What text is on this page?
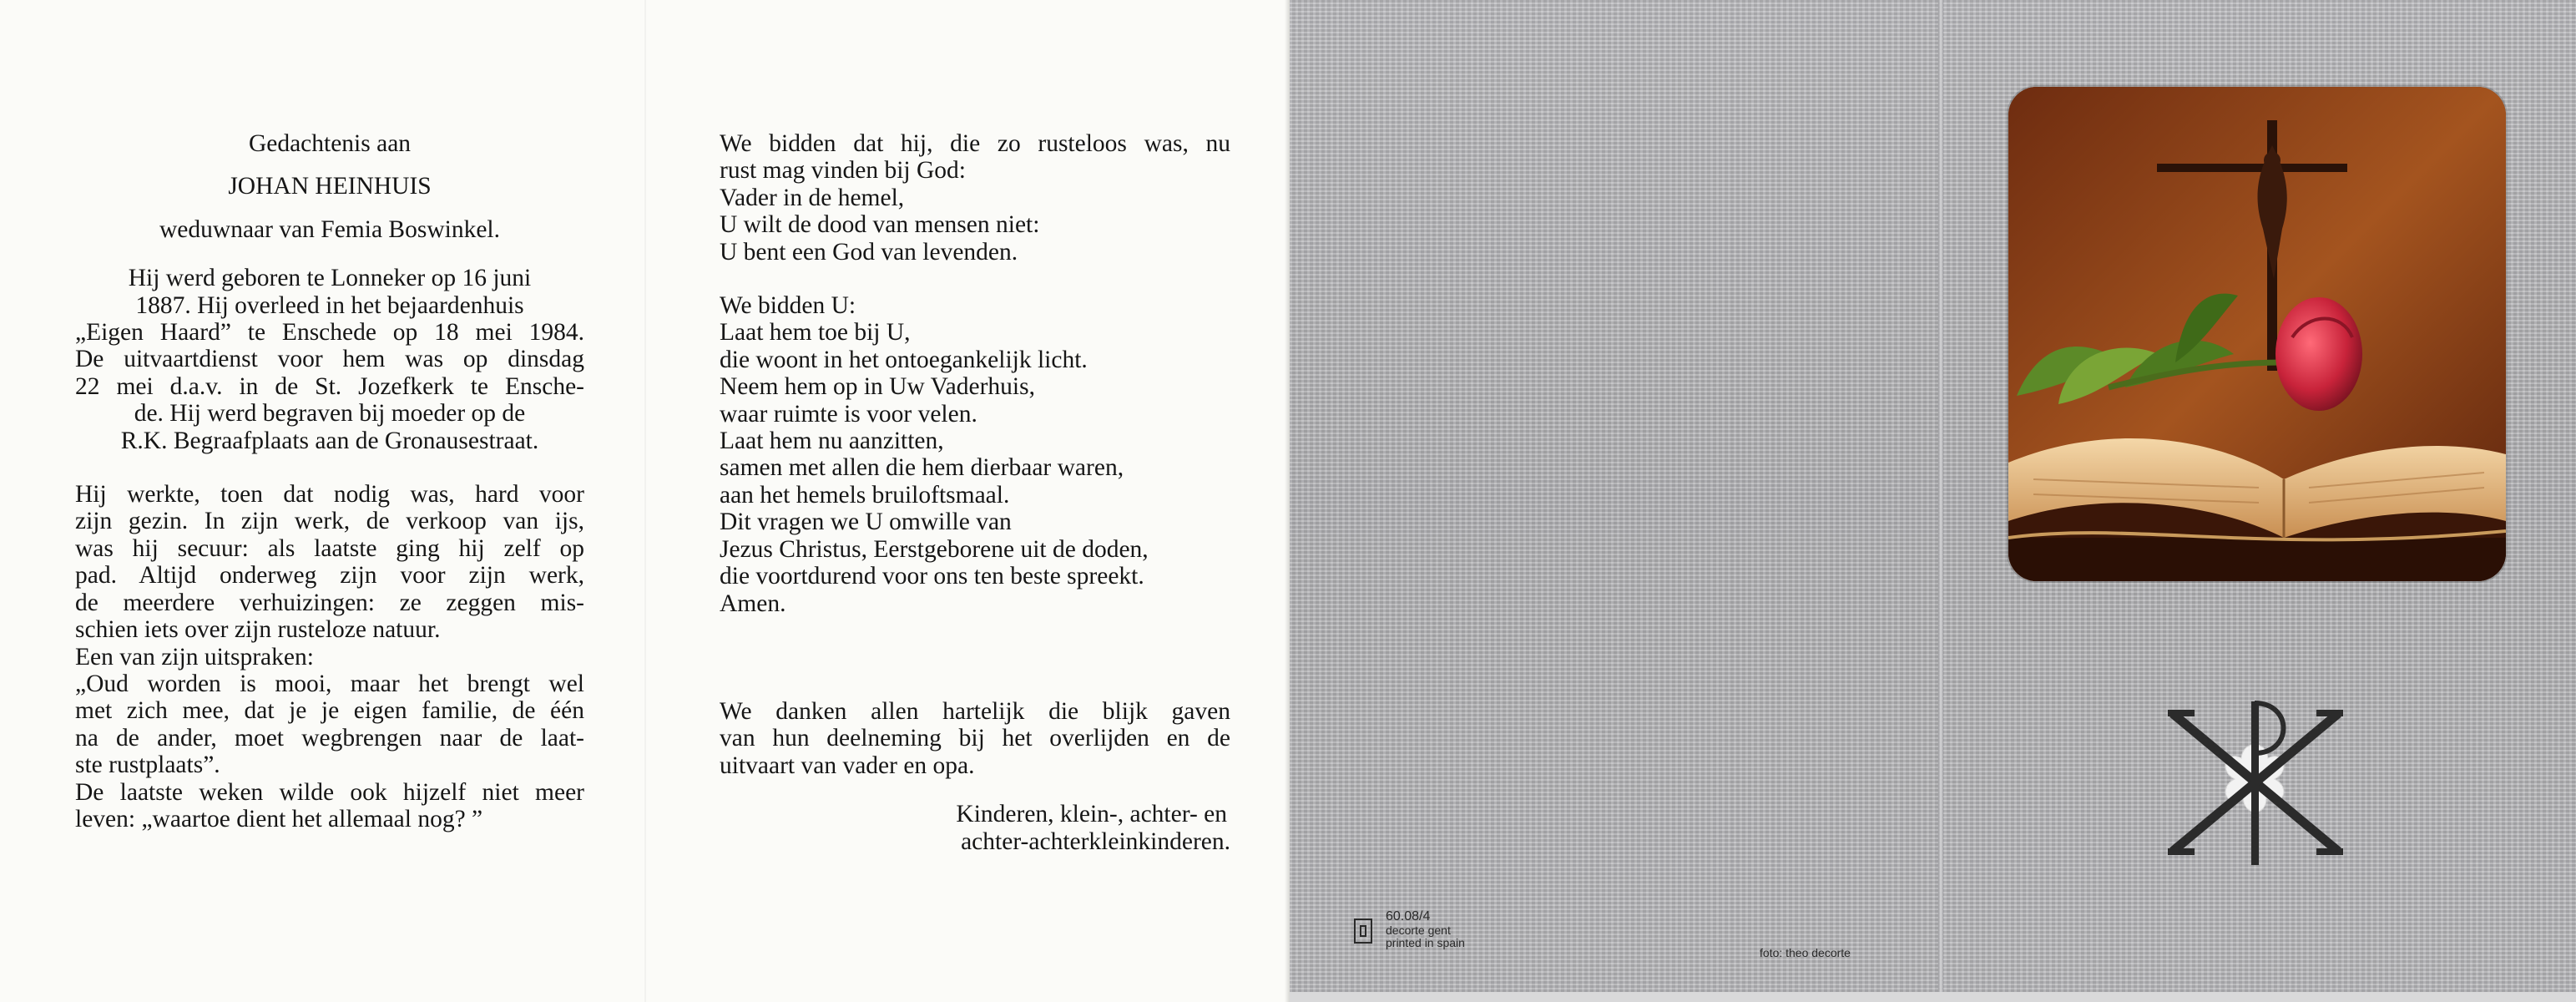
Gedachtenis aan

JOHAN HEINHUIS

weduwnaar van Femia Boswinkel.

Hij werd geboren te Lonneker op 16 juni

1887. Hij overleed in het bejaardenhuis

„Eigen Haard” te Enschede op 18 mei 1984.

De uitvaartdienst voor hem was op dinsdag

22 mei d.a.v. in de St. Jozefkerk te Ensche-

de. Hij werd begraven bij moeder op de

R.K. Begraafplaats aan de Gronausestraat.

Hij werkte, toen dat nodig was, hard voor

zijn gezin. In zijn werk, de verkoop van ijs,

was hij secuur: als laatste ging hij zelf op

pad. Altijd onderweg zijn voor zijn werk,

de meerdere verhuizingen: ze zeggen mis-

schien iets over zijn rusteloze natuur.

Een van zijn uitspraken:

„Oud worden is mooi, maar het brengt wel

met zich mee, dat je je eigen familie, de één

na de ander, moet wegbrengen naar de laat-

ste rustplaats”.

De laatste weken wilde ook hijzelf niet meer

leven: „waartoe dient het allemaal nog? ”

We bidden dat hij, die zo rusteloos was, nu

rust mag vinden bij God:

Vader in de hemel,

U wilt de dood van mensen niet:

U bent een God van levenden.

We bidden U:

Laat hem toe bij U,

die woont in het ontoegankelijk licht.

Neem hem op in Uw Vaderhuis,

waar ruimte is voor velen.

Laat hem nu aanzitten,

samen met allen die hem dierbaar waren,

aan het hemels bruiloftsmaal.

Dit vragen we U omwille van

Jezus Christus, Eerstgeborene uit de doden,

die voortdurend voor ons ten beste spreekt.

Amen.

We danken allen hartelijk die blijk gaven

van hun deelneming bij het overlijden en de

uitvaart van vader en opa.

Kinderen, klein-, achter- en

achter-achterkleinkinderen.

60.08/4
decorte gent
printed in spain
foto: theo decorte
